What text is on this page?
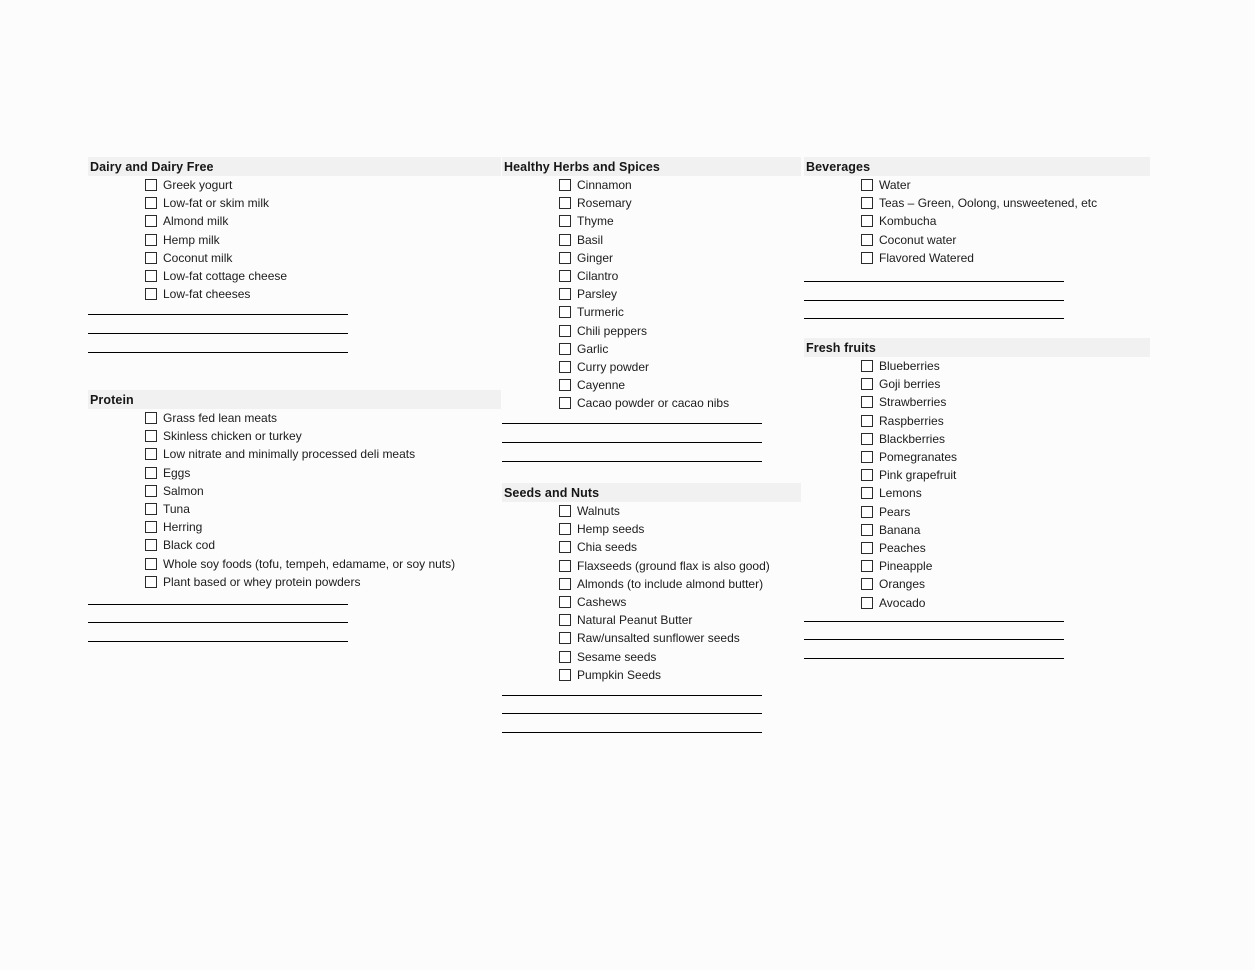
Dairy and Dairy Free
Greek yogurt
Low-fat or skim milk
Almond milk
Hemp milk
Coconut milk
Low-fat cottage cheese
Low-fat cheeses
Protein
Grass fed lean meats
Skinless chicken or turkey
Low nitrate and minimally processed deli meats
Eggs
Salmon
Tuna
Herring
Black cod
Whole soy foods (tofu, tempeh, edamame, or soy nuts)
Plant based or whey protein powders
Healthy Herbs and Spices
Cinnamon
Rosemary
Thyme
Basil
Ginger
Cilantro
Parsley
Turmeric
Chili peppers
Garlic
Curry powder
Cayenne
Cacao powder or cacao nibs
Seeds and Nuts
Walnuts
Hemp seeds
Chia seeds
Flaxseeds (ground flax is also good)
Almonds (to include almond butter)
Cashews
Natural Peanut Butter
Raw/unsalted sunflower seeds
Sesame seeds
Pumpkin Seeds
Beverages
Water
Teas – Green, Oolong, unsweetened, etc
Kombucha
Coconut water
Flavored Watered
Fresh fruits
Blueberries
Goji berries
Strawberries
Raspberries
Blackberries
Pomegranates
Pink grapefruit
Lemons
Pears
Banana
Peaches
Pineapple
Oranges
Avocado
